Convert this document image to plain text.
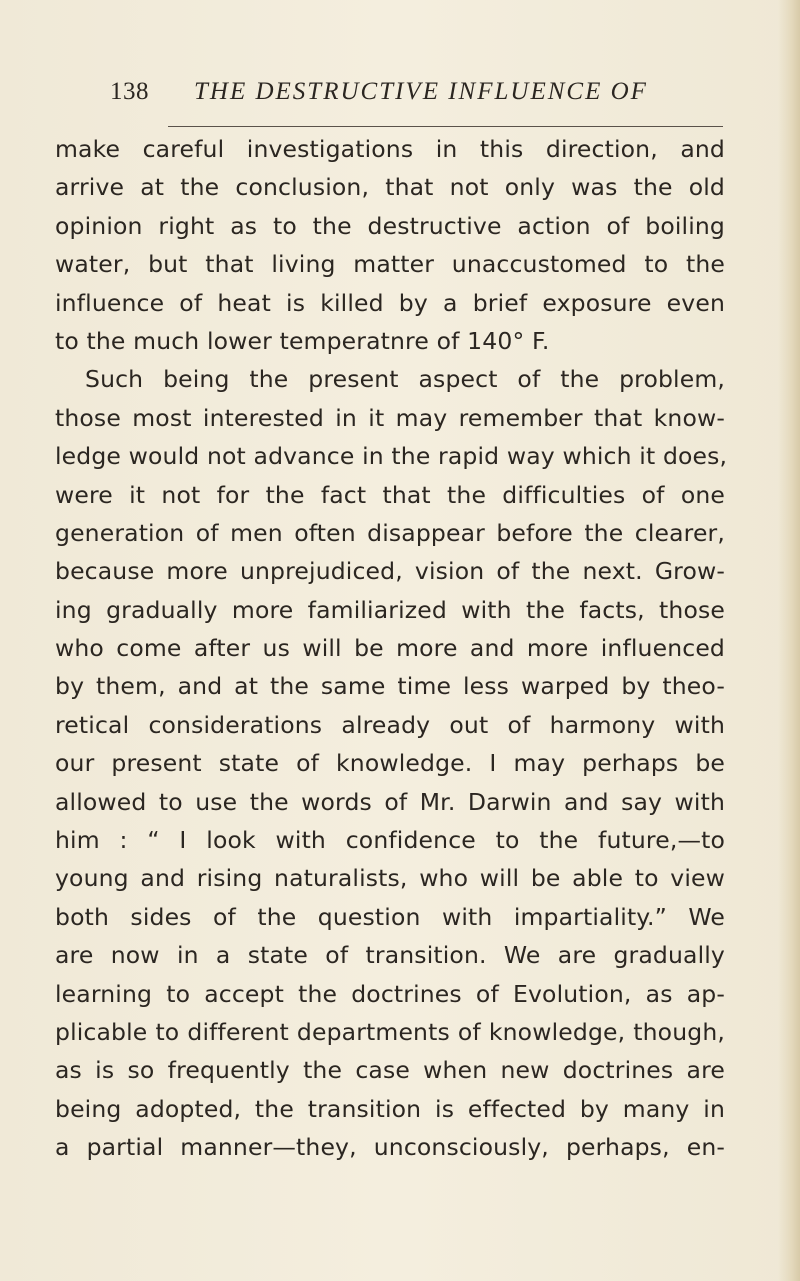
138 THE DESTRUCTIVE INFLUENCE OF
make careful investigations in this direction, and
arrive at the conclusion, that not only was the old
opinion right as to the destructive action of boiling
water, but that living matter unaccustomed to the
influence of heat is killed by a brief exposure even
to the much lower temperatnre of 140° F.
Such being the present aspect of the problem,
those most interested in it may remember that know-
ledge would not advance in the rapid way which it does,
were it not for the fact that the difficulties of one
generation of men often disappear before the clearer,
because more unprejudiced, vision of the next. Grow-
ing gradually more familiarized with the facts, those
who come after us will be more and more influenced
by them, and at the same time less warped by theo-
retical considerations already out of harmony with
our present state of knowledge. I may perhaps be
allowed to use the words of Mr. Darwin and say with
him : “ I look with confidence to the future,—to
young and rising naturalists, who will be able to view
both sides of the question with impartiality.” We
are now in a state of transition. We are gradually
learning to accept the doctrines of Evolution, as ap-
plicable to different departments of knowledge, though,
as is so frequently the case when new doctrines are
being adopted, the transition is effected by many in
a partial manner—they, unconsciously, perhaps, en-
